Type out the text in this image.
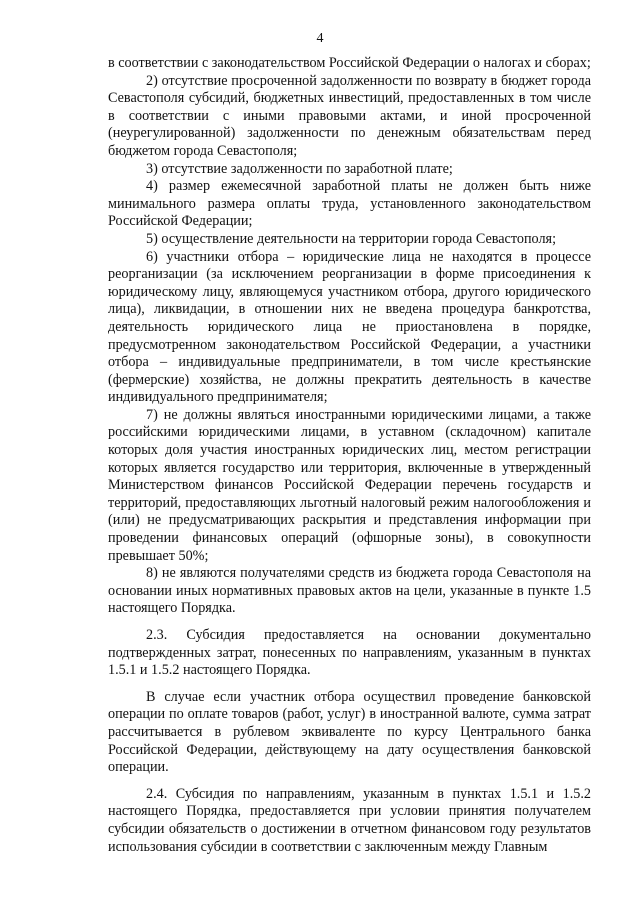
4

в соответствии с законодательством Российской Федерации о налогах и сборах;

2) отсутствие просроченной задолженности по возврату в бюджет города Севастополя субсидий, бюджетных инвестиций, предоставленных в том числе в соответствии с иными правовыми актами, и иной просроченной (неурегулированной) задолженности по денежным обязательствам перед бюджетом города Севастополя;

3) отсутствие задолженности по заработной плате;

4) размер ежемесячной заработной платы не должен быть ниже минимального размера оплаты труда, установленного законодательством Российской Федерации;

5) осуществление деятельности на территории города Севастополя;

6) участники отбора – юридические лица не находятся в процессе реорганизации (за исключением реорганизации в форме присоединения к юридическому лицу, являющемуся участником отбора, другого юридического лица), ликвидации, в отношении них не введена процедура банкротства, деятельность юридического лица не приостановлена в порядке, предусмотренном законодательством Российской Федерации, а участники отбора – индивидуальные предприниматели, в том числе крестьянские (фермерские) хозяйства, не должны прекратить деятельность в качестве индивидуального предпринимателя;

7) не должны являться иностранными юридическими лицами, а также российскими юридическими лицами, в уставном (складочном) капитале которых доля участия иностранных юридических лиц, местом регистрации которых является государство или территория, включенные в утвержденный Министерством финансов Российской Федерации перечень государств и территорий, предоставляющих льготный налоговый режим налогообложения и (или) не предусматривающих раскрытия и представления информации при проведении финансовых операций (офшорные зоны), в совокупности превышает 50%;

8) не являются получателями средств из бюджета города Севастополя на основании иных нормативных правовых актов на цели, указанные в пункте 1.5 настоящего Порядка.

2.3. Субсидия предоставляется на основании документально подтвержденных затрат, понесенных по направлениям, указанным в пунктах 1.5.1 и 1.5.2 настоящего Порядка.

В случае если участник отбора осуществил проведение банковской операции по оплате товаров (работ, услуг) в иностранной валюте, сумма затрат рассчитывается в рублевом эквиваленте по курсу Центрального банка Российской Федерации, действующему на дату осуществления банковской операции.

2.4. Субсидия по направлениям, указанным в пунктах 1.5.1 и 1.5.2 настоящего Порядка, предоставляется при условии принятия получателем субсидии обязательств о достижении в отчетном финансовом году результатов использования субсидии в соответствии с заключенным между Главным
